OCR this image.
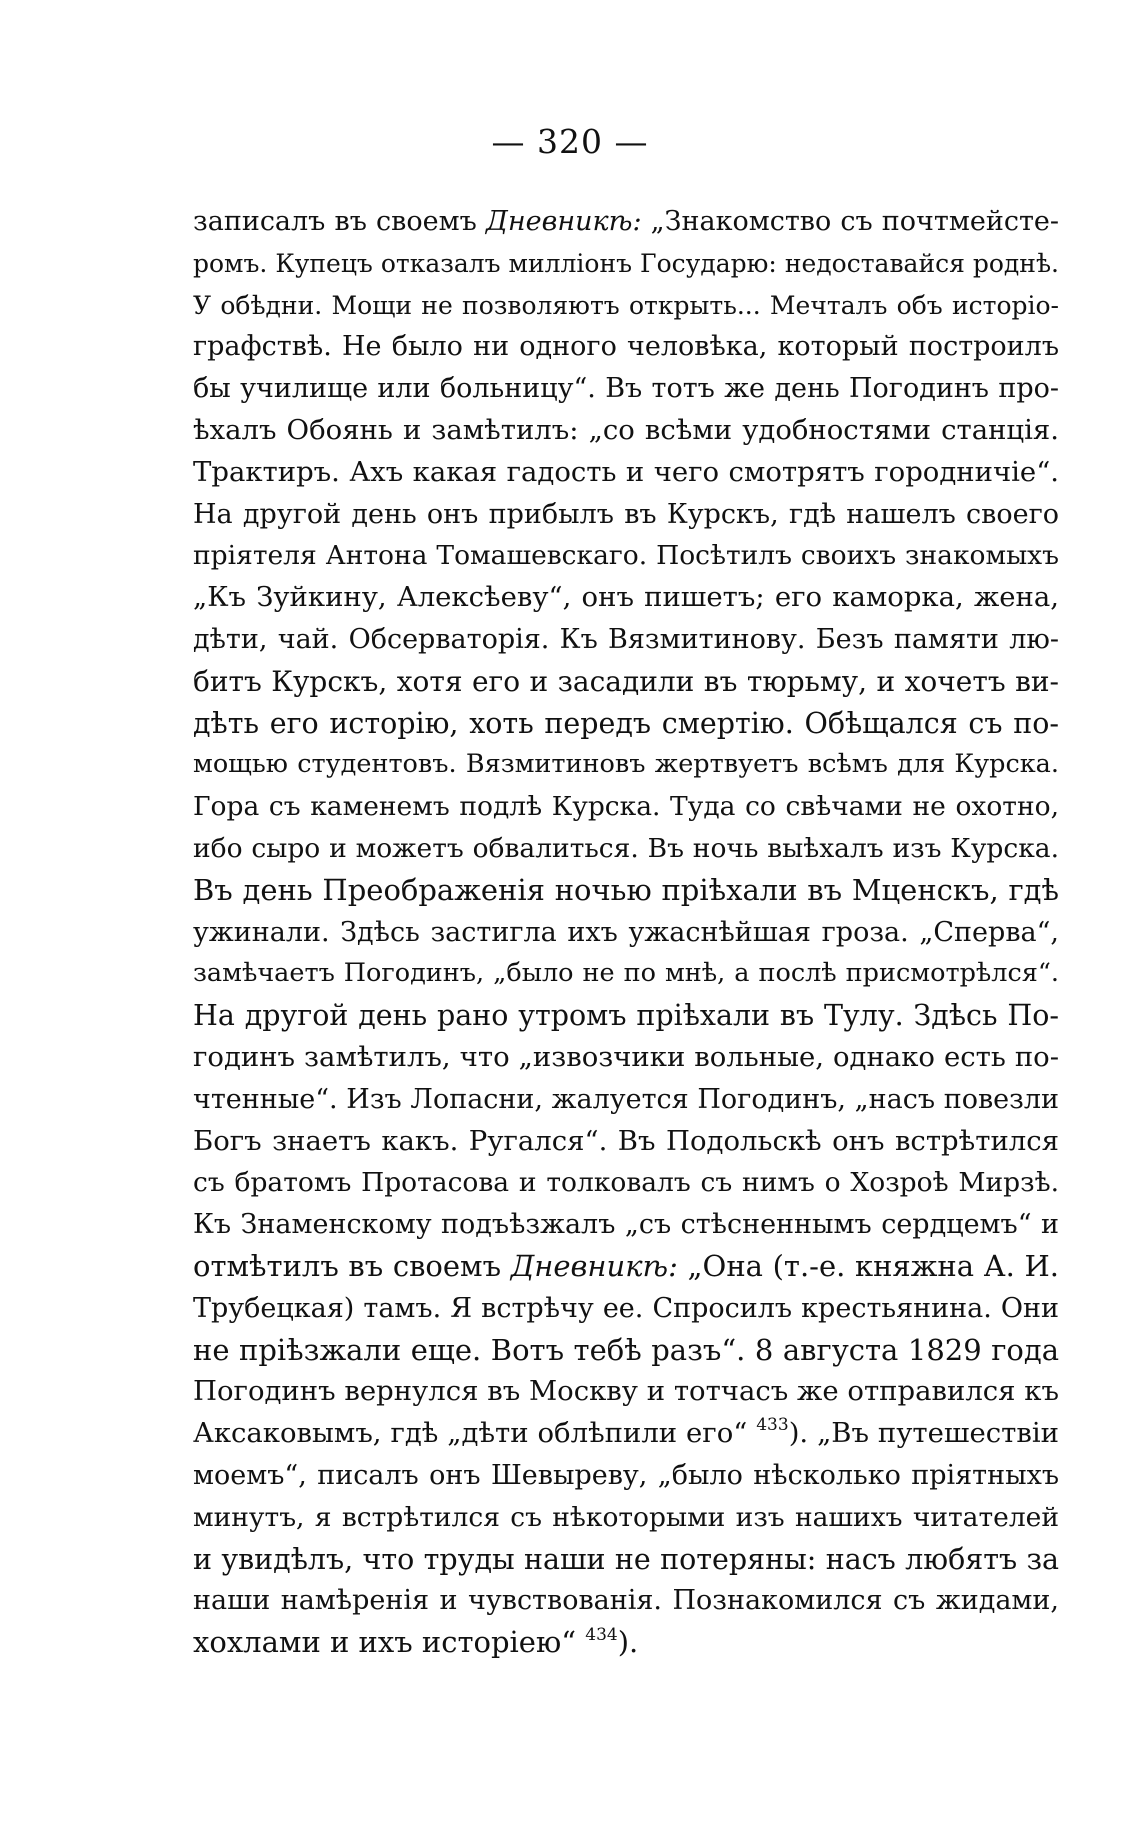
— 320 —
записалъ въ своемъ Дневникѣ: „Знакомство съ почтмейсте-
ромъ. Купецъ отказалъ милліонъ Государю: недоставайся роднѣ.
У обѣдни. Мощи не позволяютъ открыть... Мечталъ объ исторіо-
графствѣ. Не было ни одного человѣка, который построилъ
бы училище или больницу“. Въ тотъ же день Погодинъ про-
ѣхалъ Обоянь и замѣтилъ: „со всѣми удобностями станція.
Трактиръ. Ахъ какая гадость и чего смотрятъ городничіе“.
На другой день онъ прибылъ въ Курскъ, гдѣ нашелъ своего
пріятеля Антона Томашевскаго. Посѣтилъ своихъ знакомыхъ
„Къ Зуйкину, Алексѣеву“, онъ пишетъ; его каморка, жена,
дѣти, чай. Обсерваторія. Къ Вязмитинову. Безъ памяти лю-
битъ Курскъ, хотя его и засадили въ тюрьму, и хочетъ ви-
дѣть его исторію, хоть передъ смертію. Обѣщался съ по-
мощью студентовъ. Вязмитиновъ жертвуетъ всѣмъ для Курска.
Гора съ каменемъ подлѣ Курска. Туда со свѣчами не охотно,
ибо сыро и можетъ обвалиться. Въ ночь выѣхалъ изъ Курска.
Въ день Преображенія ночью пріѣхали въ Мценскъ, гдѣ
ужинали. Здѣсь застигла ихъ ужаснѣйшая гроза. „Сперва“,
замѣчаетъ Погодинъ, „было не по мнѣ, а послѣ присмотрѣлся“.
На другой день рано утромъ пріѣхали въ Тулу. Здѣсь По-
годинъ замѣтилъ, что „извозчики вольные, однако есть по-
чтенные“. Изъ Лопасни, жалуется Погодинъ, „насъ повезли
Богъ знаетъ какъ. Ругался“. Въ Подольскѣ онъ встрѣтился
съ братомъ Протасова и толковалъ съ нимъ о Хозроѣ Мирзѣ.
Къ Знаменскому подъѣзжалъ „съ стѣсненнымъ сердцемъ“ и
отмѣтилъ въ своемъ Дневникѣ: „Она (т.-е. княжна А. И.
Трубецкая) тамъ. Я встрѣчу ее. Спросилъ крестьянина. Они
не пріѣзжали еще. Вотъ тебѣ разъ“. 8 августа 1829 года
Погодинъ вернулся въ Москву и тотчасъ же отправился къ
Аксаковымъ, гдѣ „дѣти облѣпили его“ $^{433}$). „Въ путешествіи
моемъ“, писалъ онъ Шевыреву, „было нѣсколько пріятныхъ
минутъ, я встрѣтился съ нѣкоторыми изъ нашихъ читателей
и увидѣлъ, что труды наши не потеряны: насъ любятъ за
наши намѣренія и чувствованія. Познакомился съ жидами,
хохлами и ихъ исторіею“ $^{434}$).
